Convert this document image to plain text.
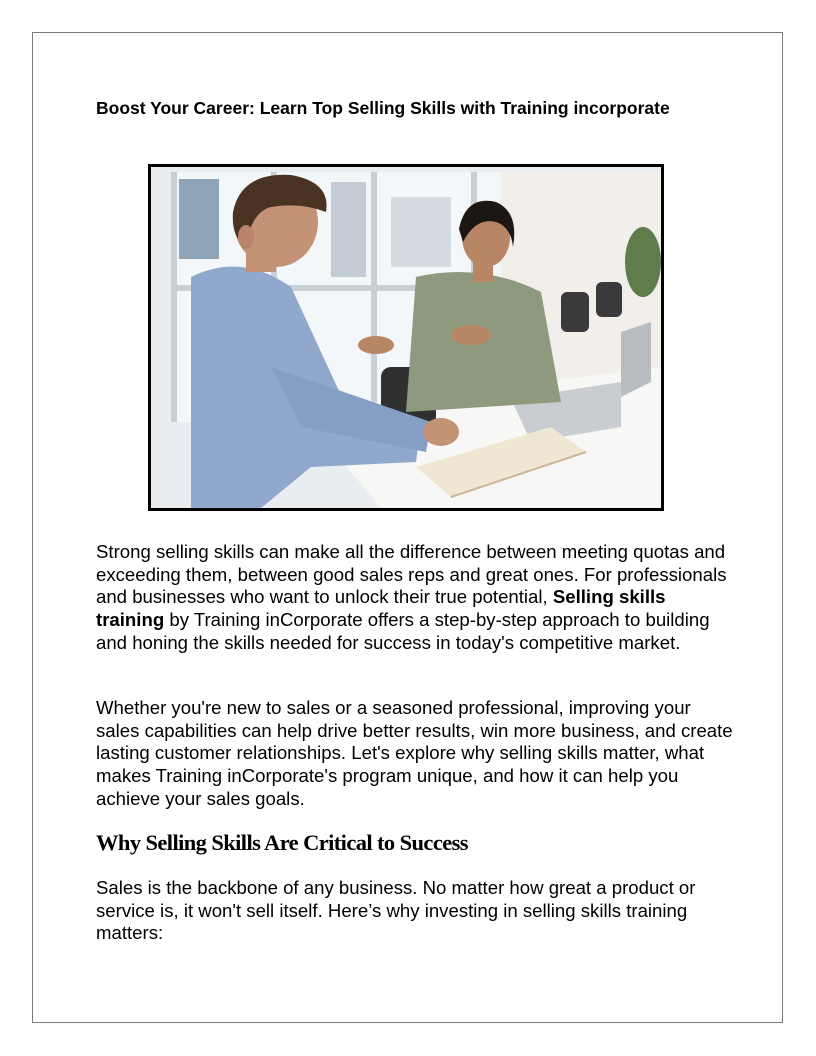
Boost Your Career: Learn Top Selling Skills with Training incorporate

Strong selling skills can make all the difference between meeting quotas and exceeding them, between good sales reps and great ones. For professionals and businesses who want to unlock their true potential, Selling skills training by Training inCorporate offers a step-by-step approach to building and honing the skills needed for success in today's competitive market.

Whether you're new to sales or a seasoned professional, improving your sales capabilities can help drive better results, win more business, and create lasting customer relationships. Let's explore why selling skills matter, what makes Training inCorporate's program unique, and how it can help you achieve your sales goals.

Why Selling Skills Are Critical to Success

Sales is the backbone of any business. No matter how great a product or service is, it won't sell itself. Here’s why investing in selling skills training matters:
